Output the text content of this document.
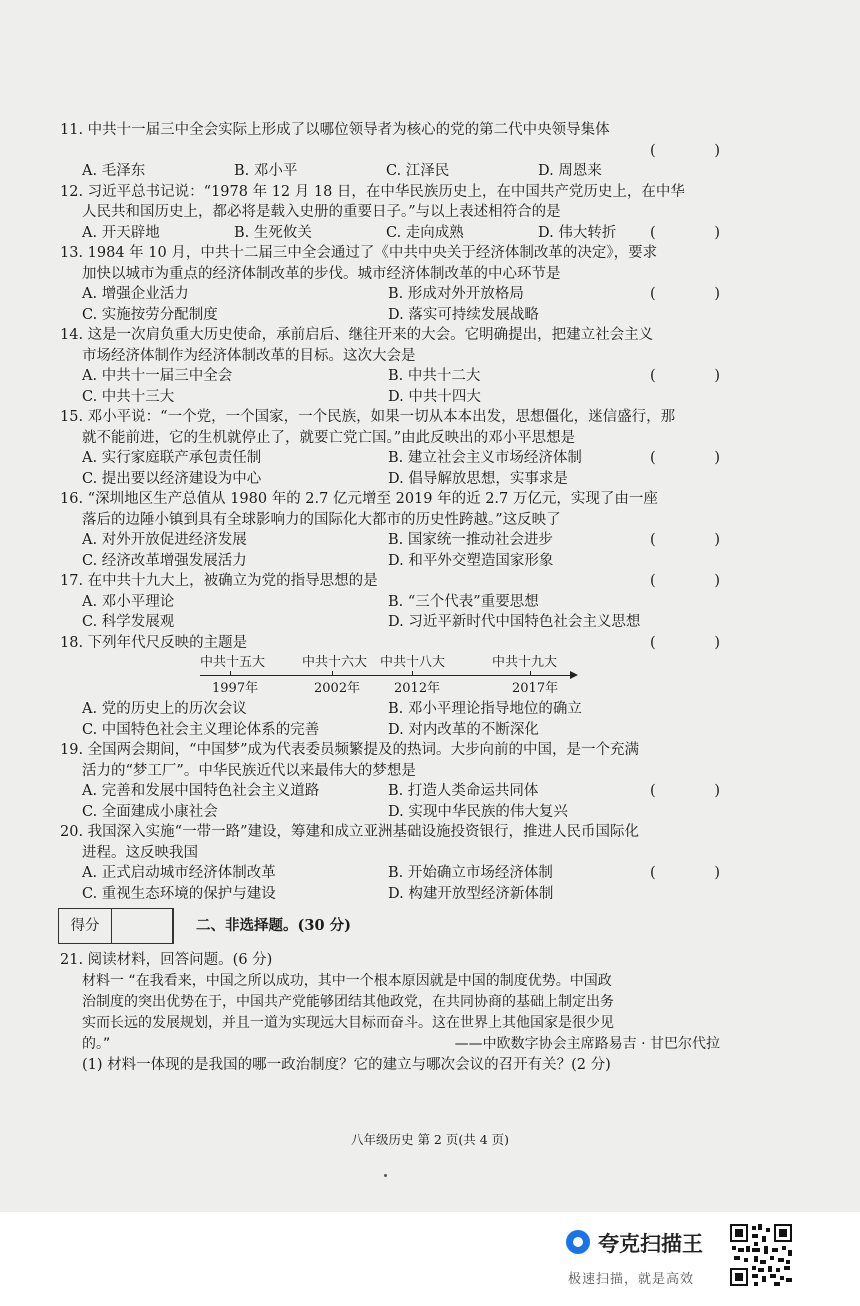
11. 中共十一届三中全会实际上形成了以哪位领导者为核心的党的第二代中央领导集体
(	)
A. 毛泽东	B. 邓小平	C. 江泽民	D. 周恩来
12. 习近平总书记说：“1978 年 12 月 18 日，在中华民族历史上，在中国共产党历史上，在中华
人民共和国历史上，都必将是载入史册的重要日子。”与以上表述相符合的是
(	)
A. 开天辟地	B. 生死攸关	C. 走向成熟	D. 伟大转折
13. 1984 年 10 月，中共十二届三中全会通过了《中共中央关于经济体制改革的决定》，要求
加快以城市为重点的经济体制改革的步伐。城市经济体制改革的中心环节是
(	)
A. 增强企业活力	B. 形成对外开放格局
C. 实施按劳分配制度	D. 落实可持续发展战略
14. 这是一次肩负重大历史使命，承前启后、继往开来的大会。它明确提出，把建立社会主义
市场经济体制作为经济体制改革的目标。这次大会是
(	)
A. 中共十一届三中全会	B. 中共十二大
C. 中共十三大	D. 中共十四大
15. 邓小平说：“一个党，一个国家，一个民族，如果一切从本本出发，思想僵化，迷信盛行，那
就不能前进，它的生机就停止了，就要亡党亡国。”由此反映出的邓小平思想是
(	)
A. 实行家庭联产承包责任制	B. 建立社会主义市场经济体制
C. 提出要以经济建设为中心	D. 倡导解放思想，实事求是
16. “深圳地区生产总值从 1980 年的 2.7 亿元增至 2019 年的近 2.7 万亿元，实现了由一座
落后的边陲小镇到具有全球影响力的国际化大都市的历史性跨越。”这反映了
(	)
A. 对外开放促进经济发展	B. 国家统一推动社会进步
C. 经济改革增强发展活力	D. 和平外交塑造国家形象
17. 在中共十九大上，被确立为党的指导思想的是	(	)
A. 邓小平理论	B. “三个代表”重要思想
C. 科学发展观	D. 习近平新时代中国特色社会主义思想
18. 下列年代尺反映的主题是	(	)
中共十五大	中共十六大 中共十八大	中共十九大
1997年	2002年	2012年	2017年
A. 党的历史上的历次会议	B. 邓小平理论指导地位的确立
C. 中国特色社会主义理论体系的完善	D. 对内改革的不断深化
19. 全国两会期间，“中国梦”成为代表委员频繁提及的热词。大步向前的中国，是一个充满
活力的“梦工厂”。中华民族近代以来最伟大的梦想是
(	)
A. 完善和发展中国特色社会主义道路	B. 打造人类命运共同体
C. 全面建成小康社会	D. 实现中华民族的伟大复兴
20. 我国深入实施“一带一路”建设，筹建和成立亚洲基础设施投资银行，推进人民币国际化
进程。这反映我国
(	)
A. 正式启动城市经济体制改革	B. 开始确立市场经济体制
C. 重视生态环境的保护与建设	D. 构建开放型经济新体制
得分	二、非选择题。(30 分)
21. 阅读材料，回答问题。(6 分)
材料一 “在我看来，中国之所以成功，其中一个根本原因就是中国的制度优势。中国政
治制度的突出优势在于，中国共产党能够团结其他政党，在共同协商的基础上制定出务
实而长远的发展规划，并且一道为实现远大目标而奋斗。这在世界上其他国家是很少见
的。”	——中欧数字协会主席路易吉 · 甘巴尔代拉
(1) 材料一体现的是我国的哪一政治制度？它的建立与哪次会议的召开有关？(2 分)
八年级历史 第 2 页(共 4 页)
夸克扫描王
极速扫描，就是高效
